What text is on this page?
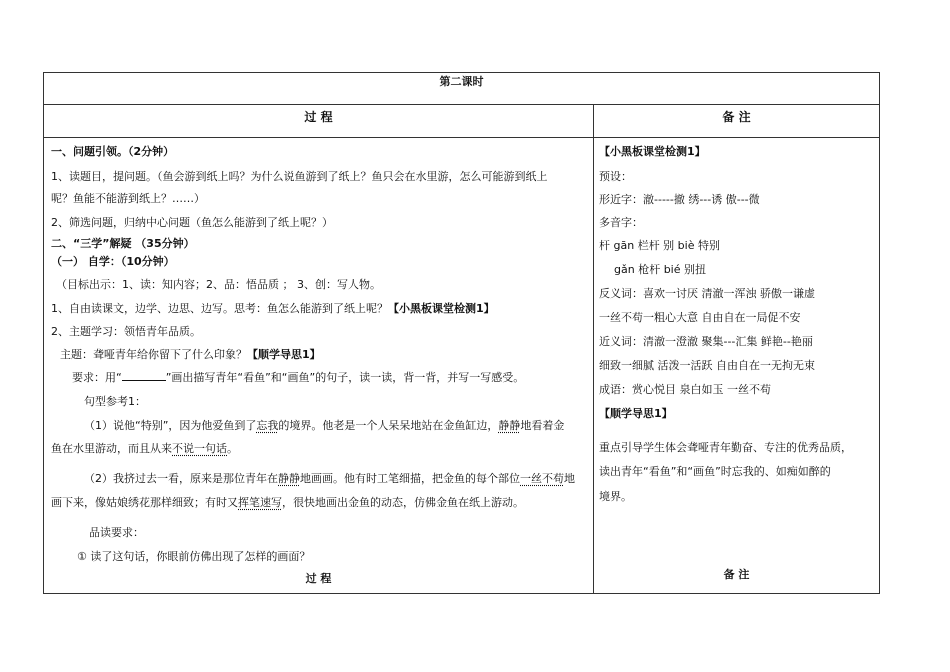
第二课时
过 程	备 注
一、问题引领。（2分钟）
1、读题目，提问题。（鱼会游到纸上吗？为什么说鱼游到了纸上？鱼只会在水里游，怎么可能游到纸上
呢？鱼能不能游到纸上？……）
2、筛选问题，归纳中心问题（鱼怎么能游到了纸上呢？）
二、“三学”解疑 （35分钟）
（一） 自学：（10分钟）
（目标出示：1、读：知内容；2、品：悟品质 ； 3、创：写人物。
1、自由读课文，边学、边思、边写。思考：鱼怎么能游到了纸上呢？【小黑板课堂检测1】
2、主题学习：领悟青年品质。
主题：聋哑青年给你留下了什么印象？【顺学导思1】
要求：用“	”画出描写青年“看鱼”和“画鱼”的句子，读一读，背一背，并写一写感受。
句型参考1：
（1）说他“特别”，因为他爱鱼到了忘我的境界。他老是一个人呆呆地站在金鱼缸边，静静地看着金
鱼在水里游动，而且从来不说一句话。
（2）我挤过去一看，原来是那位青年在静静地画画。他有时工笔细描，把金鱼的每个部位一丝不苟地
画下来，像姑娘绣花那样细致；有时又挥笔速写，很快地画出金鱼的动态，仿佛金鱼在纸上游动。
品读要求：
① 读了这句话，你眼前仿佛出现了怎样的画面？
过 程
【小黑板课堂检测1】
预设：
形近字：澈-----撤 绣---诱 傲---微
多音字：
杆 gān 栏杆 别 biè 特别
gǎn 枪杆 bié 别扭
反义词：喜欢一讨厌 清澈一浑浊 骄傲一谦虚
一丝不苟一粗心大意 自由自在一局促不安
近义词：清澈一澄澈 聚集---汇集 鲜艳--艳丽
细致一细腻 活泼一活跃 自由自在一无拘无束
成语：赏心悦目 泉白如玉 一丝不苟
【顺学导思1】
重点引导学生体会聋哑青年勤奋、专注的优秀品质，
读出青年“看鱼”和“画鱼”时忘我的、如痴如醉的
境界。
备 注
